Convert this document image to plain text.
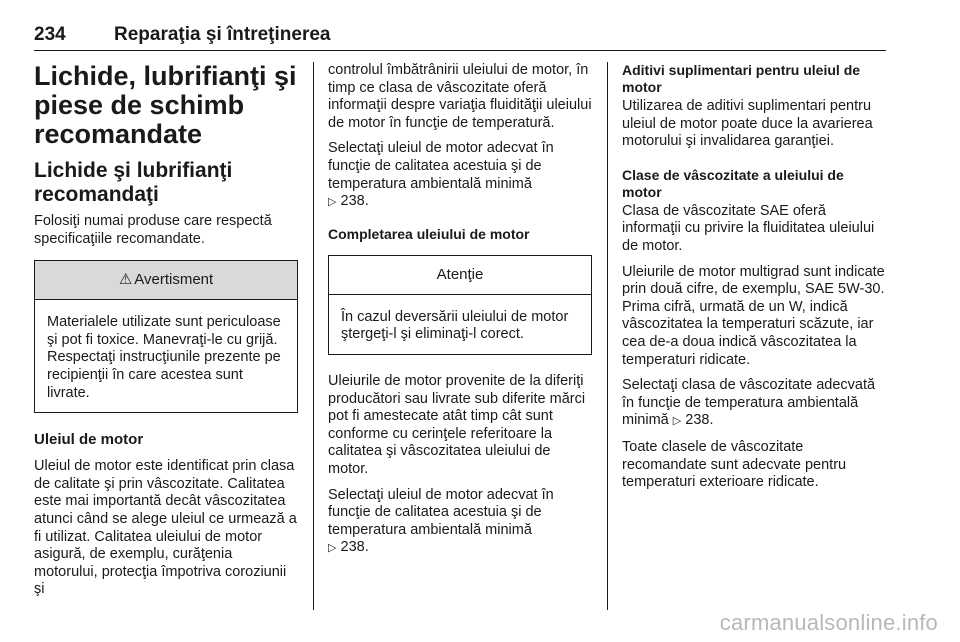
234	Reparaţia şi întreţinerea
Lichide, lubrifianţi şi piese de schimb recomandate
Lichide şi lubrifianţi recomandaţi

Folosiţi numai produse care respectă specificaţiile recomandate.

⚠ Avertisment

Materialele utilizate sunt periculoase şi pot fi toxice. Manevraţi-le cu grijă. Respectaţi instrucţiunile prezente pe recipienţii în care acestea sunt livrate.

Uleiul de motor

Uleiul de motor este identificat prin clasa de calitate şi prin vâscozitate. Calitatea este mai importantă decât vâscozitatea atunci când se alege uleiul ce urmează a fi utilizat. Calitatea uleiului de motor asigură, de exemplu, curăţenia motorului, protecţia împotriva coroziunii şi

controlul îmbătrânirii uleiului de motor, în timp ce clasa de vâscozitate oferă informaţii despre variaţia fluidităţii uleiului de motor în funcţie de temperatură.

Selectaţi uleiul de motor adecvat în funcţie de calitatea acestuia şi de temperatura ambientală minimă
▷ 238.

Completarea uleiului de motor
Atenţie

În cazul deversării uleiului de motor ştergeţi-l şi eliminaţi-l corect.

Uleiurile de motor provenite de la diferiţi producători sau livrate sub diferite mărci pot fi amestecate atât timp cât sunt conforme cu cerinţele referitoare la calitatea şi vâscozitatea uleiului de motor.

Selectaţi uleiul de motor adecvat în funcţie de calitatea acestuia şi de temperatura ambientală minimă
▷ 238.

Aditivi suplimentari pentru uleiul de motor

Utilizarea de aditivi suplimentari pentru uleiul de motor poate duce la avarierea motorului şi invalidarea garanţiei.

Clase de vâscozitate a uleiului de motor

Clasa de vâscozitate SAE oferă informaţii cu privire la fluiditatea uleiului de motor.

Uleiurile de motor multigrad sunt indicate prin două cifre, de exemplu, SAE 5W-30. Prima cifră, urmată de un W, indică vâscozitatea la temperaturi scăzute, iar cea de-a doua indică vâscozitatea la temperaturi ridicate.

Selectaţi clasa de vâscozitate adecvată în funcţie de temperatura ambientală minimă ▷ 238.

Toate clasele de vâscozitate recomandate sunt adecvate pentru temperaturi exterioare ridicate.

carmanualsonline.info
